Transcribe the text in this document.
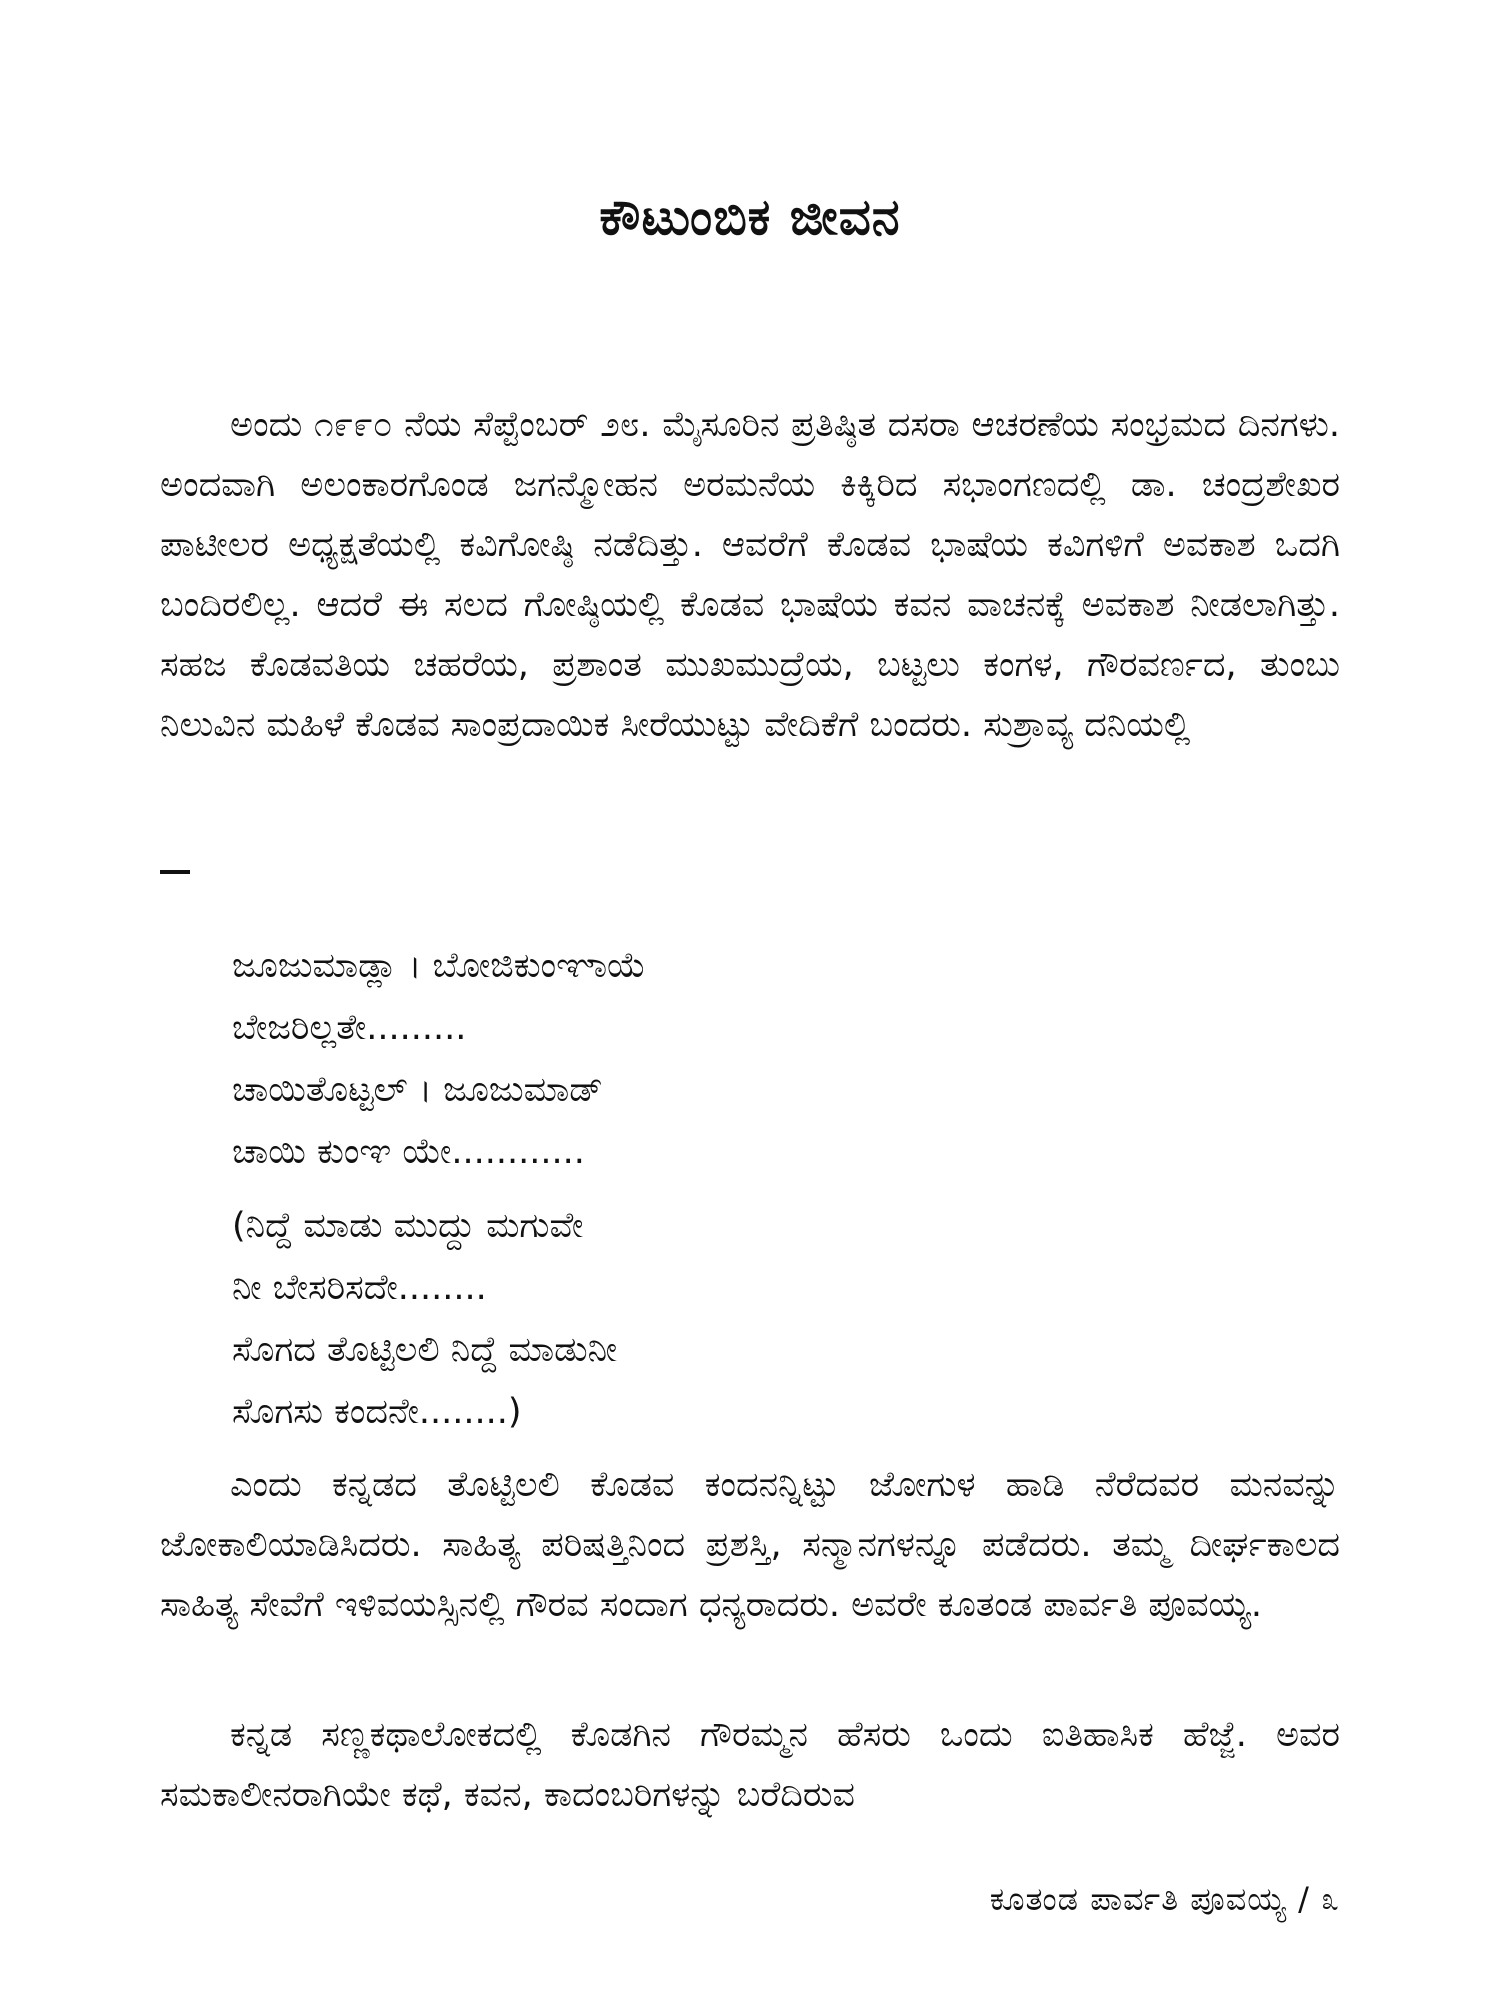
ಕೌಟುಂಬಿಕ ಜೀವನ

ಅಂದು ೧೯೯೦ ನೆಯ ಸೆಪ್ಟೆಂಬರ್ ೨೮. ಮೈಸೂರಿನ ಪ್ರತಿಷ್ಠಿತ ದಸರಾ ಆಚರಣೆಯ ಸಂಭ್ರಮದ ದಿನಗಳು. ಅಂದವಾಗಿ ಅಲಂಕಾರಗೊಂಡ ಜಗನ್ಮೋಹನ ಅರಮನೆಯ ಕಿಕ್ಕಿರಿದ ಸಭಾಂಗಣದಲ್ಲಿ ಡಾ. ಚಂದ್ರಶೇಖರ ಪಾಟೀಲರ ಅಧ್ಯಕ್ಷತೆಯಲ್ಲಿ ಕವಿಗೋಷ್ಠಿ ನಡೆದಿತ್ತು. ಆವರೆಗೆ ಕೊಡವ ಭಾಷೆಯ ಕವಿಗಳಿಗೆ ಅವಕಾಶ ಒದಗಿ ಬಂದಿರಲಿಲ್ಲ. ಆದರೆ ಈ ಸಲದ ಗೋಷ್ಠಿಯಲ್ಲಿ ಕೊಡವ ಭಾಷೆಯ ಕವನ ವಾಚನಕ್ಕೆ ಅವಕಾಶ ನೀಡಲಾಗಿತ್ತು. ಸಹಜ ಕೊಡವತಿಯ ಚಹರೆಯ, ಪ್ರಶಾಂತ ಮುಖಮುದ್ರೆಯ, ಬಟ್ಟಲು ಕಂಗಳ, ಗೌರವರ್ಣದ, ತುಂಬು ನಿಲುವಿನ ಮಹಿಳೆ ಕೊಡವ ಸಾಂಪ್ರದಾಯಿಕ ಸೀರೆಯುಟ್ಟು ವೇದಿಕೆಗೆ ಬಂದರು. ಸುಶ್ರಾವ್ಯ ದನಿಯಲ್ಲಿ

ಜೂಜುಮಾಡ್ಲಾ । ಬೋಜಿಕುಂಞಾಯೆ
ಬೇಜರಿಲ್ಲತೇ.........
ಚಾಯಿತೊಟ್ಟಲ್ । ಜೂಜುಮಾಡ್
ಚಾಯಿ ಕುಂಞ ಯೇ............
(ನಿದ್ದೆ ಮಾಡು ಮುದ್ದು ಮಗುವೇ
ನೀ ಬೇಸರಿಸದೇ........
ಸೊಗದ ತೊಟ್ಟಿಲಲಿ ನಿದ್ದೆ ಮಾಡುನೀ
ಸೊಗಸು ಕಂದನೇ........)

ಎಂದು ಕನ್ನಡದ ತೊಟ್ಟಿಲಲಿ ಕೊಡವ ಕಂದನನ್ನಿಟ್ಟು ಜೋಗುಳ ಹಾಡಿ ನೆರೆದವರ ಮನವನ್ನು ಜೋಕಾಲಿಯಾಡಿಸಿದರು. ಸಾಹಿತ್ಯ ಪರಿಷತ್ತಿನಿಂದ ಪ್ರಶಸ್ತಿ, ಸನ್ಮಾನಗಳನ್ನೂ ಪಡೆದರು. ತಮ್ಮ ದೀರ್ಘಕಾಲದ ಸಾಹಿತ್ಯ ಸೇವೆಗೆ ಇಳಿವಯಸ್ಸಿನಲ್ಲಿ ಗೌರವ ಸಂದಾಗ ಧನ್ಯರಾದರು. ಅವರೇ ಕೂತಂಡ ಪಾರ್ವತಿ ಪೂವಯ್ಯ.

ಕನ್ನಡ ಸಣ್ಣಕಥಾಲೋಕದಲ್ಲಿ ಕೊಡಗಿನ ಗೌರಮ್ಮನ ಹೆಸರು ಒಂದು ಐತಿಹಾಸಿಕ ಹೆಜ್ಜೆ. ಅವರ ಸಮಕಾಲೀನರಾಗಿಯೇ ಕಥೆ, ಕವನ, ಕಾದಂಬರಿಗಳನ್ನು ಬರೆದಿರುವ

ಕೂತಂಡ ಪಾರ್ವತಿ ಪೂವಯ್ಯ / ೩
